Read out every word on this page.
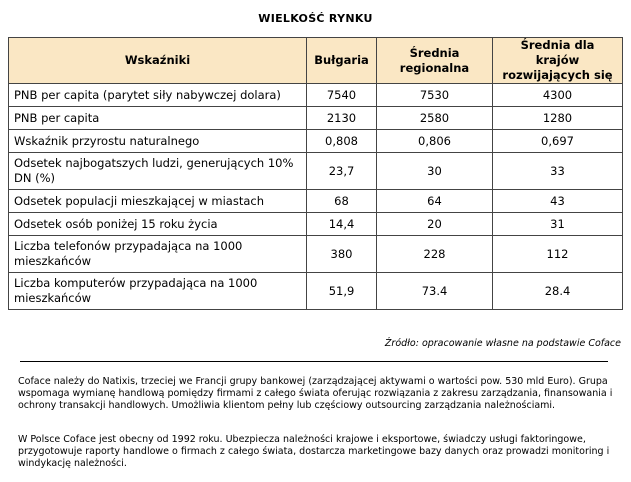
WIELKOŚĆ RYNKU
Wskaźniki	Bułgaria	Średnia regionalna	Średnia dla krajów rozwijających się
PNB per capita (parytet siły nabywczej dolara)	7540	7530	4300
PNB per capita	2130	2580	1280
Wskaźnik przyrostu naturalnego	0,808	0,806	0,697
Odsetek najbogatszych ludzi, generujących 10% DN (%)	23,7	30	33
Odsetek populacji mieszkającej w miastach	68	64	43
Odsetek osób poniżej 15 roku życia	14,4	20	31
Liczba telefonów przypadająca na 1000 mieszkańców	380	228	112
Liczba komputerów przypadająca na 1000 mieszkańców	51,9	73.4	28.4
Źródło: opracowanie własne na podstawie Coface

Coface należy do Natixis, trzeciej we Francji grupy bankowej (zarządzającej aktywami o wartości pow. 530 mld Euro). Grupa wspomaga wymianę handlową pomiędzy firmami z całego świata oferując rozwiązania z zakresu zarządzania, finansowania i ochrony transakcji handlowych. Umożliwia klientom pełny lub częściowy outsourcing zarządzania należnościami.

W Polsce Coface jest obecny od 1992 roku. Ubezpiecza należności krajowe i eksportowe, świadczy usługi faktoringowe, przygotowuje raporty handlowe o firmach z całego świata, dostarcza marketingowe bazy danych oraz prowadzi monitoring i windykację należności.
